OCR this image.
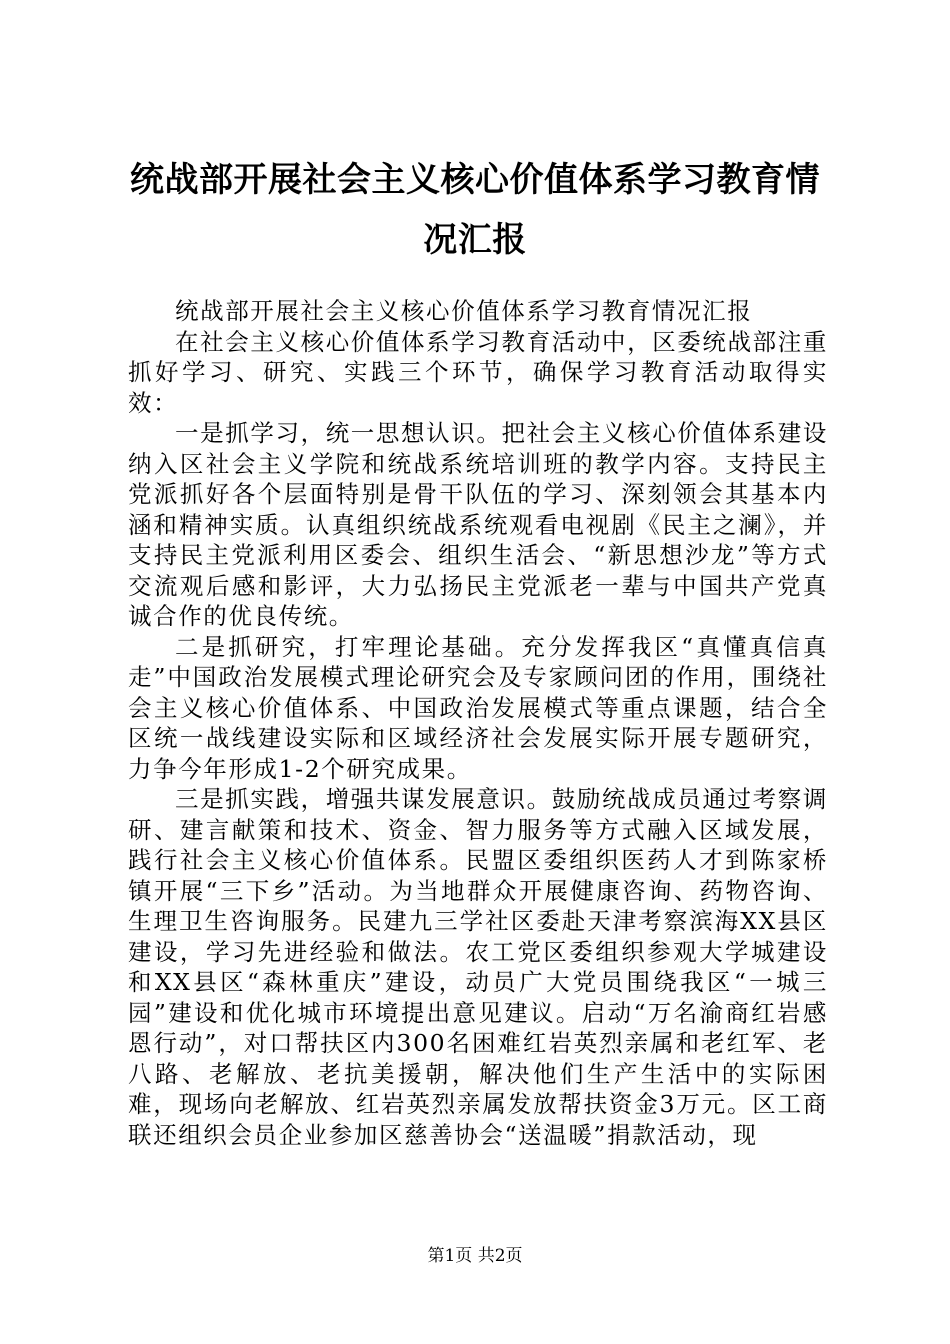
统战部开展社会主义核心价值体系学习教育情况汇报

统战部开展社会主义核心价值体系学习教育情况汇报

在社会主义核心价值体系学习教育活动中，区委统战部注重抓好学习、研究、实践三个环节，确保学习教育活动取得实效：

一是抓学习，统一思想认识。把社会主义核心价值体系建设纳入区社会主义学院和统战系统培训班的教学内容。支持民主党派抓好各个层面特别是骨干队伍的学习、深刻领会其基本内涵和精神实质。认真组织统战系统观看电视剧《民主之澜》，并支持民主党派利用区委会、组织生活会、“新思想沙龙”等方式交流观后感和影评，大力弘扬民主党派老一辈与中国共产党真诚合作的优良传统。

二是抓研究，打牢理论基础。充分发挥我区“真懂真信真走”中国政治发展模式理论研究会及专家顾问团的作用，围绕社会主义核心价值体系、中国政治发展模式等重点课题，结合全区统一战线建设实际和区域经济社会发展实际开展专题研究，力争今年形成1-2个研究成果。

三是抓实践，增强共谋发展意识。鼓励统战成员通过考察调研、建言献策和技术、资金、智力服务等方式融入区域发展，践行社会主义核心价值体系。民盟区委组织医药人才到陈家桥镇开展“三下乡”活动。为当地群众开展健康咨询、药物咨询、生理卫生咨询服务。民建九三学社区委赴天津考察滨海XX县区建设，学习先进经验和做法。农工党区委组织参观大学城建设和XX县区“森林重庆”建设，动员广大党员围绕我区“一城三园”建设和优化城市环境提出意见建议。启动“万名渝商红岩感恩行动”，对口帮扶区内300名困难红岩英烈亲属和老红军、老八路、老解放、老抗美援朝，解决他们生产生活中的实际困难，现场向老解放、红岩英烈亲属发放帮扶资金3万元。区工商联还组织会员企业参加区慈善协会“送温暖”捐款活动，现

第1页 共2页
